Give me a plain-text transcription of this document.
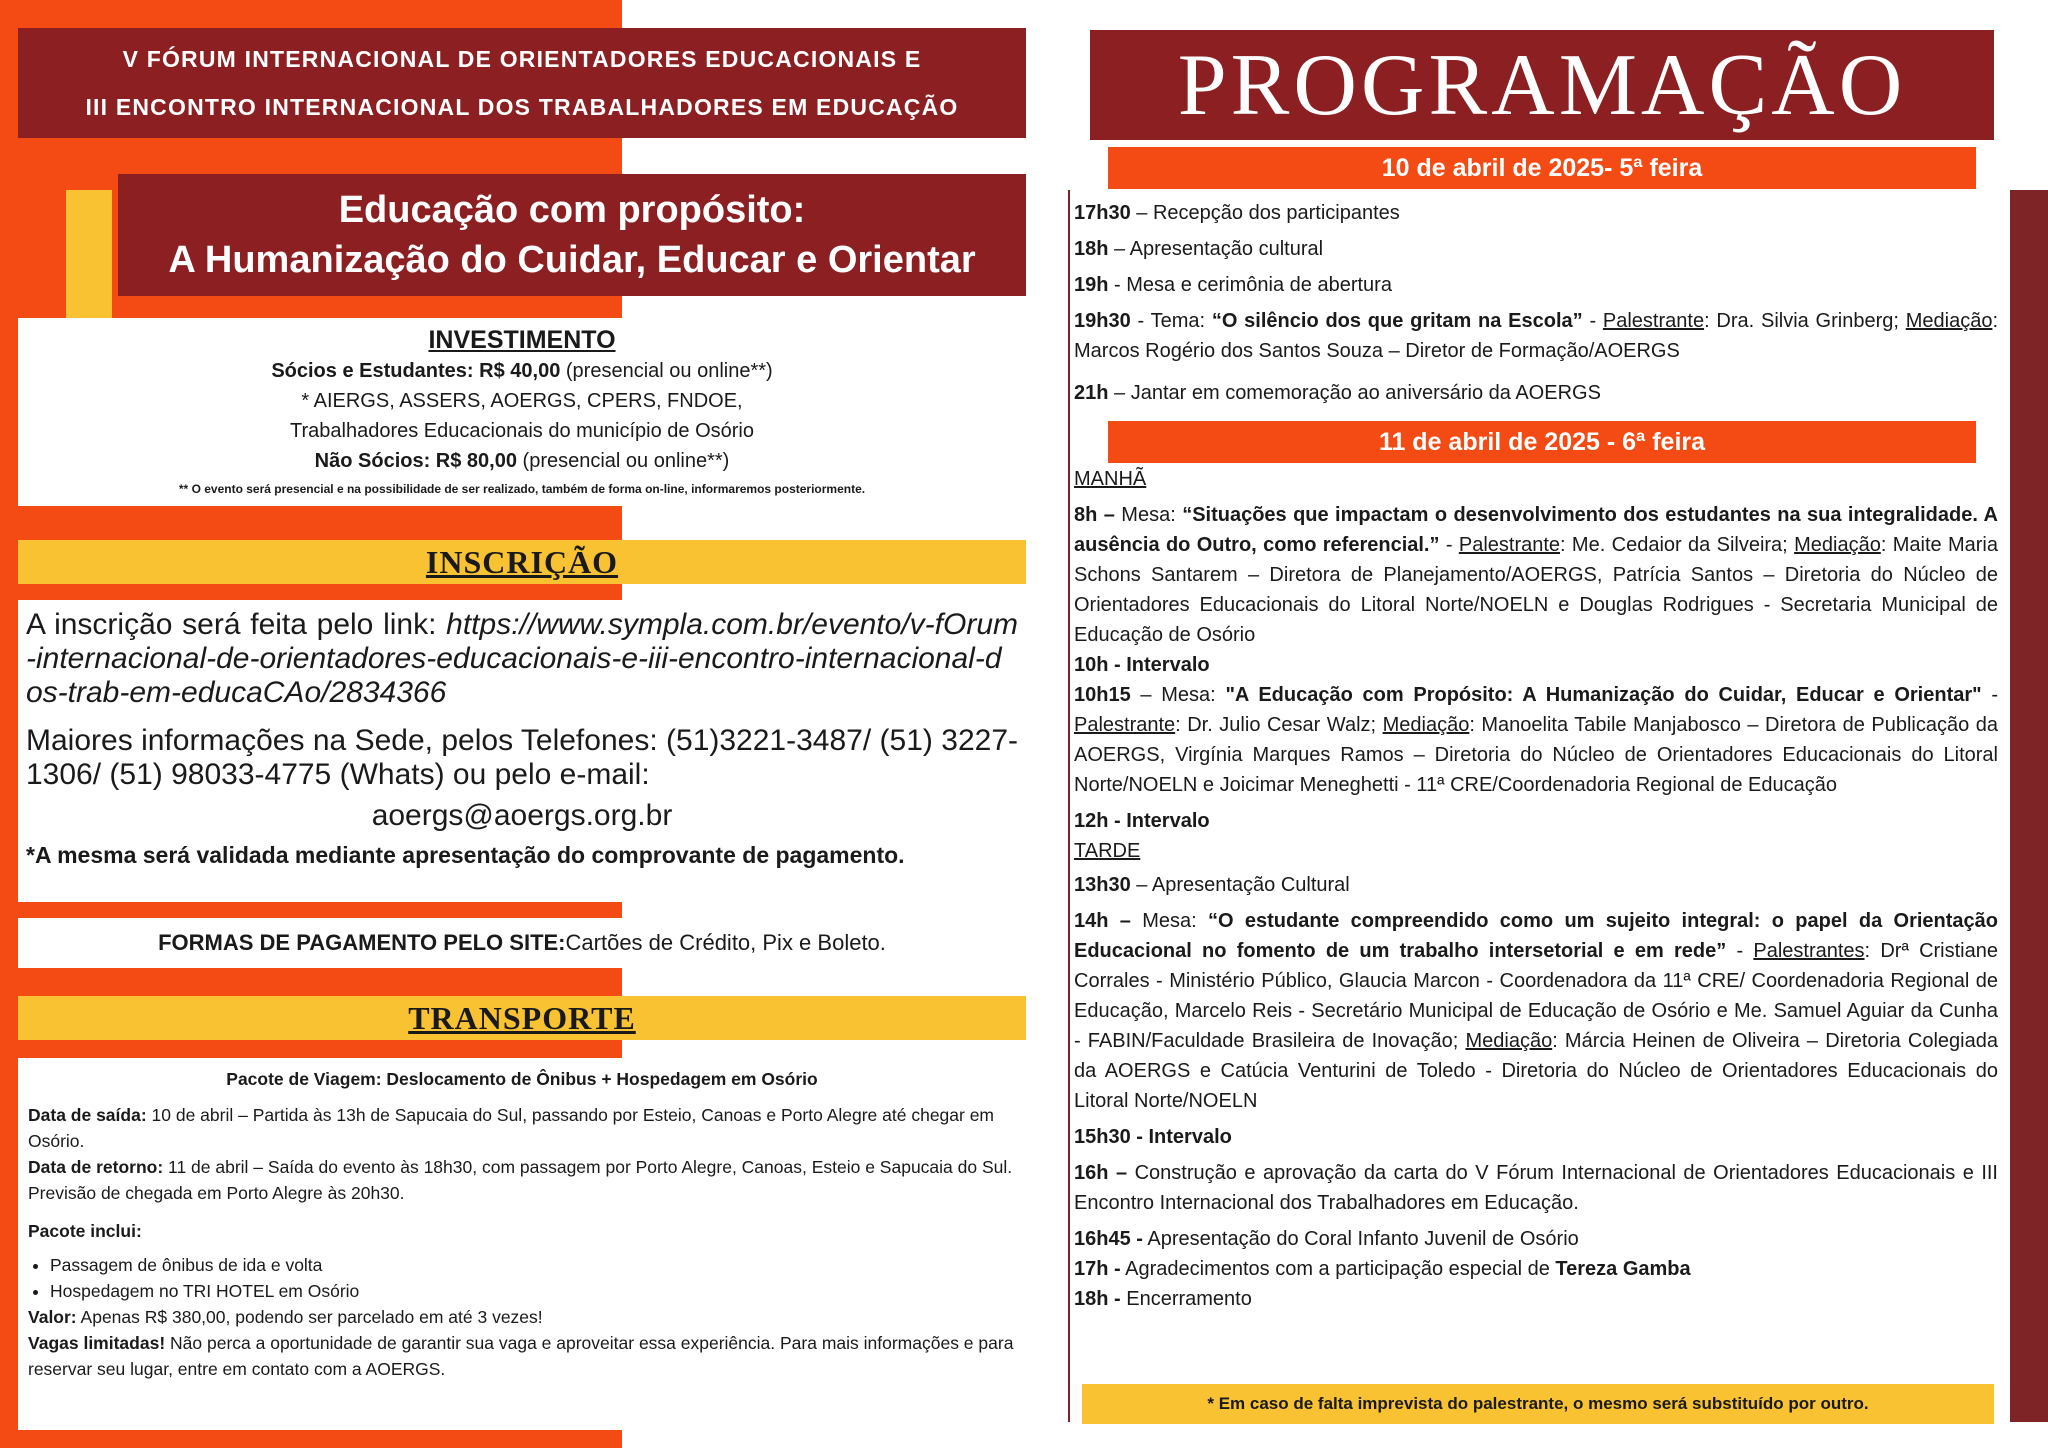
V FÓRUM INTERNACIONAL DE ORIENTADORES EDUCACIONAIS E
III ENCONTRO INTERNACIONAL DOS TRABALHADORES EM EDUCAÇÃO
Educação com propósito:
A Humanização do Cuidar, Educar e Orientar
INVESTIMENTO
Sócios e Estudantes: R$ 40,00 (presencial ou online**)
* AIERGS, ASSERS, AOERGS, CPERS, FNDOE,
Trabalhadores Educacionais do município de Osório
Não Sócios: R$ 80,00 (presencial ou online**)
** O evento será presencial e na possibilidade de ser realizado, também de forma on-line, informaremos posteriormente.
INSCRIÇÃO
A inscrição será feita pelo link: https://www.sympla.com.br/evento/v-fOrum-internacional-de-orientadores-educacionais-e-iii-encontro-internacional-dos-trab-em-educaCAo/2834366
Maiores informações na Sede, pelos Telefones: (51)3221-3487/ (51) 3227-1306/ (51) 98033-4775 (Whats) ou pelo e-mail:
aoergs@aoergs.org.br
*A mesma será validada mediante apresentação do comprovante de pagamento.
FORMAS DE PAGAMENTO PELO SITE: Cartões de Crédito, Pix e Boleto.
TRANSPORTE
Pacote de Viagem: Deslocamento de Ônibus + Hospedagem em Osório

Data de saída: 10 de abril – Partida às 13h de Sapucaia do Sul, passando por Esteio, Canoas e Porto Alegre até chegar em Osório.

Data de retorno: 11 de abril – Saída do evento às 18h30, com passagem por Porto Alegre, Canoas, Esteio e Sapucaia do Sul. Previsão de chegada em Porto Alegre às 20h30.

Pacote inclui:

• Passagem de ônibus de ida e volta
• Hospedagem no TRI HOTEL em Osório

Valor: Apenas R$ 380,00, podendo ser parcelado em até 3 vezes!

Vagas limitadas! Não perca a oportunidade de garantir sua vaga e aproveitar essa experiência. Para mais informações e para reservar seu lugar, entre em contato com a AOERGS.

PROGRAMAÇÃO
17h30 – Recepção dos participantes
18h – Apresentação cultural
19h - Mesa e cerimônia de abertura
19h30 - Tema: “O silêncio dos que gritam na Escola” - Palestrante: Dra. Silvia Grinberg; Mediação: Marcos Rogério dos Santos Souza – Diretor de Formação/AOERGS
21h – Jantar em comemoração ao aniversário da AOERGS
MANHÃ
8h – Mesa: “Situações que impactam o desenvolvimento dos estudantes na sua integralidade. A ausência do Outro, como referencial.” - Palestrante: Me. Cedaior da Silveira; Mediação: Maite Maria Schons Santarem – Diretora de Planejamento/AOERGS, Patrícia Santos – Diretoria do Núcleo de Orientadores Educacionais do Litoral Norte/NOELN e Douglas Rodrigues - Secretaria Municipal de Educação de Osório
10h - Intervalo
10h15 – Mesa: "A Educação com Propósito: A Humanização do Cuidar, Educar e Orientar" - Palestrante: Dr. Julio Cesar Walz; Mediação: Manoelita Tabile Manjabosco – Diretora de Publicação da AOERGS, Virgínia Marques Ramos – Diretoria do Núcleo de Orientadores Educacionais do Litoral Norte/NOELN e Joicimar Meneghetti - 11ª CRE/Coordenadoria Regional de Educação
12h - Intervalo
TARDE
13h30 – Apresentação Cultural
14h – Mesa: “O estudante compreendido como um sujeito integral: o papel da Orientação Educacional no fomento de um trabalho intersetorial e em rede” - Palestrantes: Drª Cristiane Corrales - Ministério Público, Glaucia Marcon - Coordenadora da 11ª CRE/ Coordenadoria Regional de Educação, Marcelo Reis - Secretário Municipal de Educação de Osório e Me. Samuel Aguiar da Cunha - FABIN/Faculdade Brasileira de Inovação; Mediação: Márcia Heinen de Oliveira – Diretoria Colegiada da AOERGS e Catúcia Venturini de Toledo - Diretoria do Núcleo de Orientadores Educacionais do Litoral Norte/NOELN
15h30 - Intervalo
16h – Construção e aprovação da carta do V Fórum Internacional de Orientadores Educacionais e III Encontro Internacional dos Trabalhadores em Educação.
16h45 - Apresentação do Coral Infanto Juvenil de Osório
17h - Agradecimentos com a participação especial de Tereza Gamba
18h - Encerramento
10 de abril de 2025- 5ª feira
11 de abril de 2025 - 6ª feira
* Em caso de falta imprevista do palestrante, o mesmo será substituído por outro.
